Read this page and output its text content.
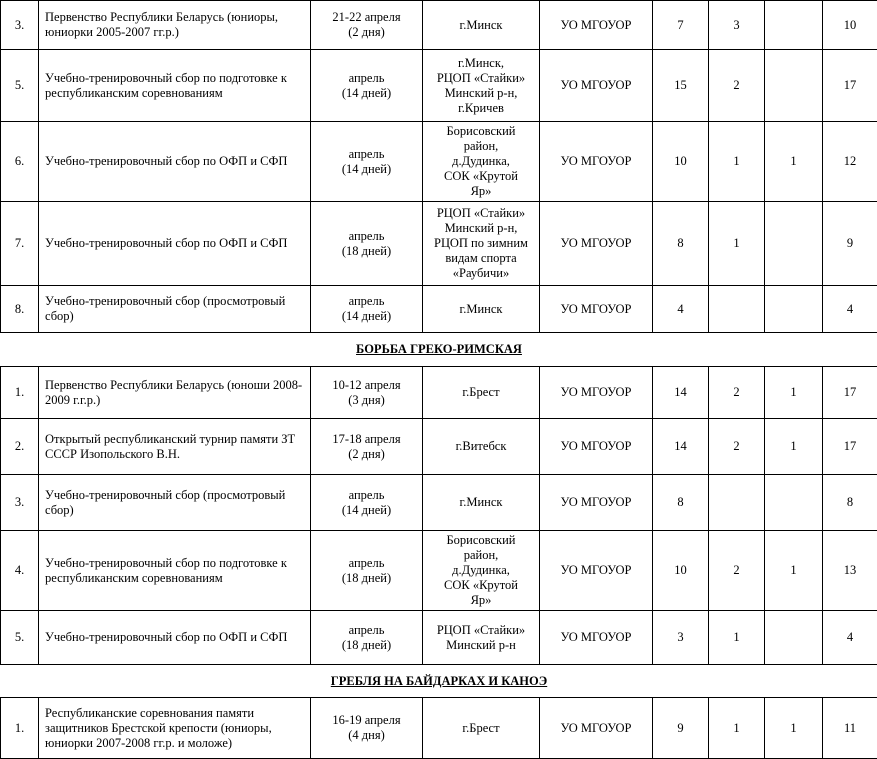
3.	Первенство Республики Беларусь (юниоры, юниорки 2005-2007 гг.р.)	21-22 апреля
(2 дня)	г.Минск	УО МГОУОР	7	3		10
5.	Учебно-тренировочный сбор по подготовке к республиканским соревнованиям	апрель
(14 дней)	г.Минск,
РЦОП «Стайки»
Минский р-н,
г.Кричев	УО МГОУОР	15	2		17
6.	Учебно-тренировочный сбор по ОФП и СФП	апрель
(14 дней)	Борисовский
район,
д.Дудинка,
СОК «Крутой
Яр»	УО МГОУОР	10	1	1	12
7.	Учебно-тренировочный сбор по ОФП и СФП	апрель
(18 дней)	РЦОП «Стайки»
Минский р-н,
РЦОП по зимним
видам спорта
«Раубичи»	УО МГОУОР	8	1		9
8.	Учебно-тренировочный сбор (просмотровый сбор)	апрель
(14 дней)	г.Минск	УО МГОУОР	4			4
БОРЬБА ГРЕКО-РИМСКАЯ								
1.	Первенство Республики Беларусь (юноши 2008-2009 г.г.р.)	10-12 апреля
(3 дня)	г.Брест	УО МГОУОР	14	2	1	17
2.	Открытый республиканский турнир памяти ЗТ СССР Изопольского В.Н.	17-18 апреля
(2 дня)	г.Витебск	УО МГОУОР	14	2	1	17
3.	Учебно-тренировочный сбор (просмотровый сбор)	апрель
(14 дней)	г.Минск	УО МГОУОР	8			8
4.	Учебно-тренировочный сбор по подготовке к республиканским соревнованиям	апрель
(18 дней)	Борисовский
район,
д.Дудинка,
СОК «Крутой
Яр»	УО МГОУОР	10	2	1	13
5.	Учебно-тренировочный сбор по ОФП и СФП	апрель
(18 дней)	РЦОП «Стайки»
Минский р-н	УО МГОУОР	3	1		4
ГРЕБЛЯ НА БАЙДАРКАХ И КАНОЭ								
1.	Республиканские соревнования памяти защитников Брестской крепости (юниоры, юниорки 2007-2008 гг.р. и моложе)	16-19 апреля
(4 дня)	г.Брест	УО МГОУОР	9	1	1	11
